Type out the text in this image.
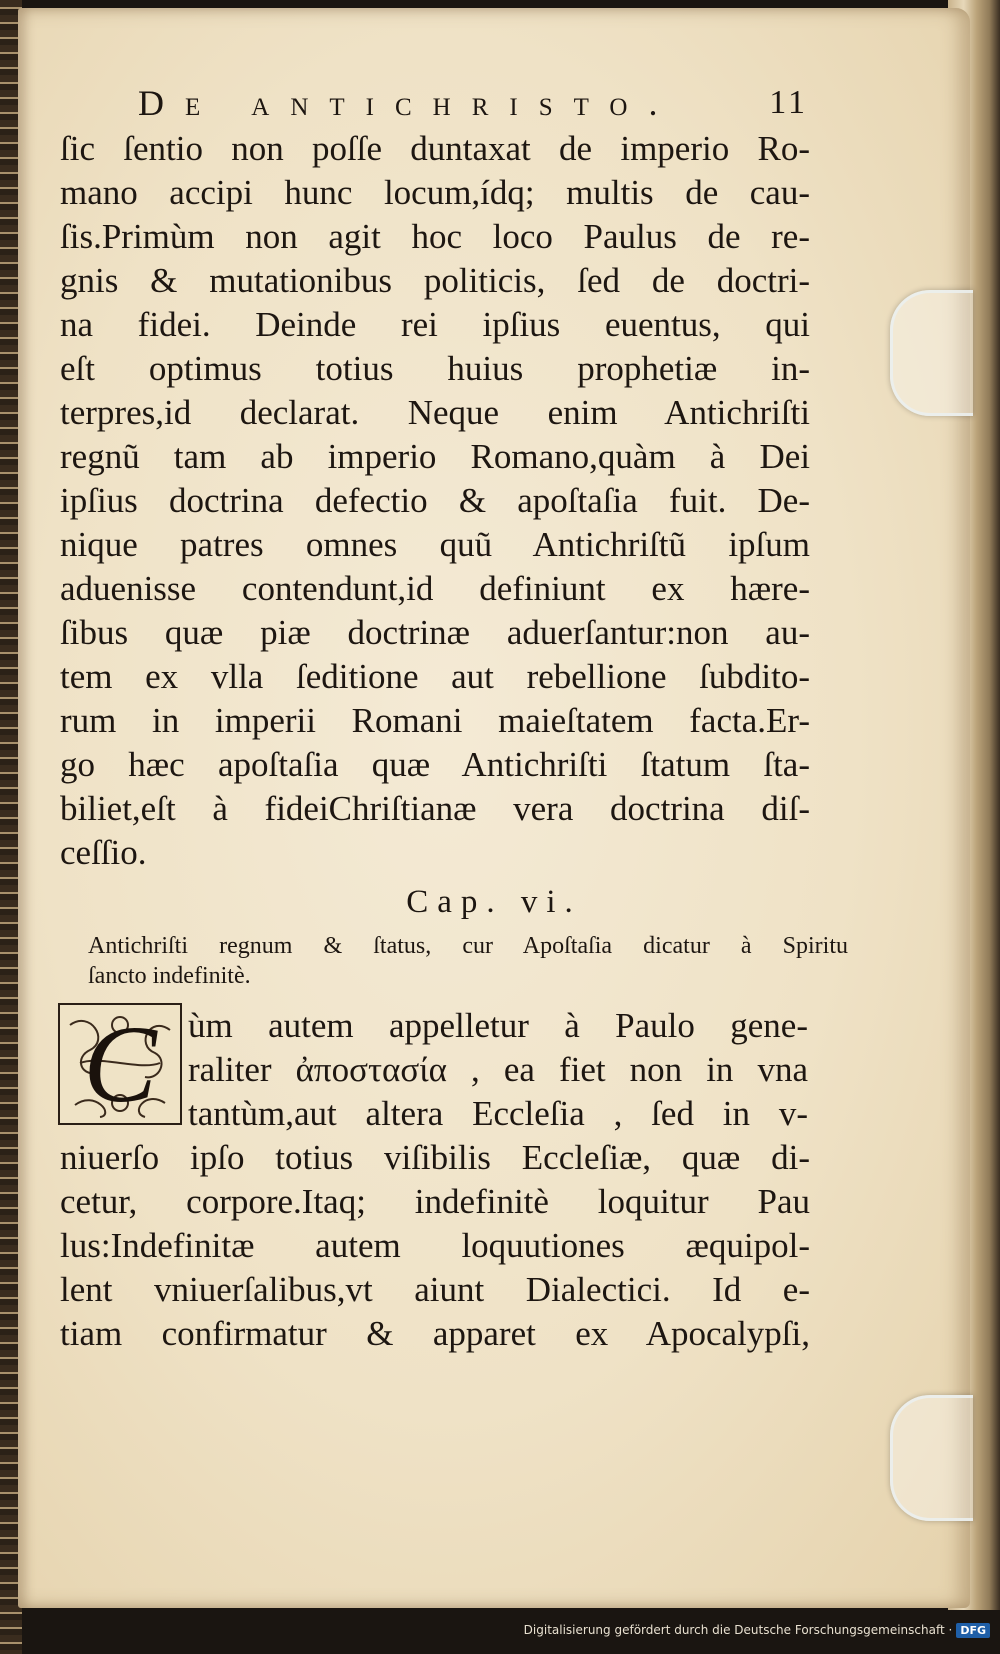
De antichristo.	11
ſic ſentio non poſſe duntaxat de imperio Ro-
mano accipi hunc locum,ídq; multis de cau-
ſis.Primùm non agit hoc loco Paulus de re-
gnis & mutationibus politicis, ſed de doctri-
na fidei. Deinde rei ipſius euentus, qui
eſt optimus totius huius prophetiæ in-
terpres,id declarat. Neque enim Antichriſti
regnũ tam ab imperio Romano,quàm à Dei
ipſius doctrina defectio & apoſtaſia fuit. De-
nique patres omnes quũ Antichriſtũ ipſum
aduenisse contendunt,id definiunt ex hære-
ſibus quæ piæ doctrinæ aduerſantur:non au-
tem ex vlla ſeditione aut rebellione ſubdito-
rum in imperii Romani maieſtatem facta.Er-
go hæc apoſtaſia quæ Antichriſti ſtatum ſta-
biliet,eſt à fideiChriſtianæ vera doctrina diſ-
ceſſio.
Cap. vi.
Antichriſti regnum & ſtatus, cur Apoſtaſia dicatur à Spiritu
ſancto indefinitè.
C ùm autem appelletur à Paulo gene-
raliter ἀποστασία , ea fiet non in vna
tantùm,aut altera Eccleſia , ſed in v-
niuerſo ipſo totius viſibilis Eccleſiæ, quæ di-
cetur, corpore.Itaq; indefinitè loquitur Pau
lus:Indefinitæ autem loquutiones æquipol-
lent vniuerſalibus,vt aiunt Dialectici. Id e-
tiam confirmatur & apparet ex Apocalypſi,
Digitalisierung gefördert durch die Deutsche Forschungsgemeinschaft · DFG
